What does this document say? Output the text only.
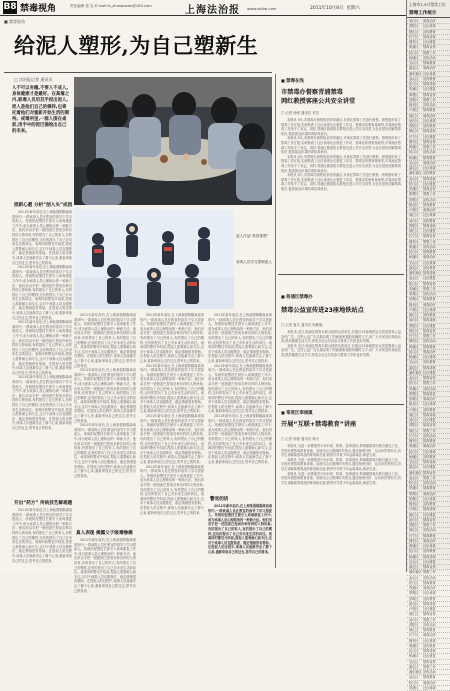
B8 禁毒视角	责任编辑 张 弘 E-mail:fz_zhanbaodu@163.com	上海法治报 www.shfzb.com	2011年10月8日 星期六
■ 禁毒视角
给泥人塑形,为自己塑新生
□ 法治报记者 通讯员
人不可以有瘾,不要人不成人,身体健康才是最好。在高墙之内,吸毒人员用双手捏出泥人,泥人是他们自己的模样,也寄托着他们对重新开始生活的期待。戒毒所里,一群人围在桌前,用手中的泥巴描绘出自己的未来。
捏新心愿 分析“剖人头”成因

2011年新年前后,在上海某强制隔离戒毒所内,一群戒毒人员在教官的指导下学习捏泥人。传统的泥塑技艺被引入戒毒康复工作中,成为戒毒人员心理矫治的一种新方法。他们用双手把一团团泥巴捏成各种各样的人物形象,有的捏出了自己的家人,有的捏出了自己的模样,还有的捏出了自己对未来生活的向往。戒毒所的警官介绍说,捏泥人需要耐心和专注,这对于戒毒人员克服焦虑、稳定情绪很有帮助。在捏泥人的过程中,戒毒人员逐渐学会了静下心来,重新审视自己的过去,思考自己的将来。

2011年新年前后,在上海某强制隔离戒毒所内,一群戒毒人员在教官的指导下学习捏泥人。传统的泥塑技艺被引入戒毒康复工作中,成为戒毒人员心理矫治的一种新方法。他们用双手把一团团泥巴捏成各种各样的人物形象,有的捏出了自己的家人,有的捏出了自己的模样,还有的捏出了自己对未来生活的向往。戒毒所的警官介绍说,捏泥人需要耐心和专注,这对于戒毒人员克服焦虑、稳定情绪很有帮助。在捏泥人的过程中,戒毒人员逐渐学会了静下心来,重新审视自己的过去,思考自己的将来。

2011年新年前后,在上海某强制隔离戒毒所内,一群戒毒人员在教官的指导下学习捏泥人。传统的泥塑技艺被引入戒毒康复工作中,成为戒毒人员心理矫治的一种新方法。他们用双手把一团团泥巴捏成各种各样的人物形象,有的捏出了自己的家人,有的捏出了自己的模样,还有的捏出了自己对未来生活的向往。戒毒所的警官介绍说,捏泥人需要耐心和专注,这对于戒毒人员克服焦虑、稳定情绪很有帮助。在捏泥人的过程中,戒毒人员逐渐学会了静下心来,重新审视自己的过去,思考自己的将来。

2011年新年前后,在上海某强制隔离戒毒所内,一群戒毒人员在教官的指导下学习捏泥人。传统的泥塑技艺被引入戒毒康复工作中,成为戒毒人员心理矫治的一种新方法。他们用双手把一团团泥巴捏成各种各样的人物形象,有的捏出了自己的家人,有的捏出了自己的模样,还有的捏出了自己对未来生活的向往。戒毒所的警官介绍说,捏泥人需要耐心和专注,这对于戒毒人员克服焦虑、稳定情绪很有帮助。在捏泥人的过程中,戒毒人员逐渐学会了静下心来,重新审视自己的过去,思考自己的将来。

开出“药方” 传统技艺解难题

2011年新年前后,在上海某强制隔离戒毒所内,一群戒毒人员在教官的指导下学习捏泥人。传统的泥塑技艺被引入戒毒康复工作中,成为戒毒人员心理矫治的一种新方法。他们用双手把一团团泥巴捏成各种各样的人物形象,有的捏出了自己的家人,有的捏出了自己的模样,还有的捏出了自己对未来生活的向往。戒毒所的警官介绍说,捏泥人需要耐心和专注,这对于戒毒人员克服焦虑、稳定情绪很有帮助。在捏泥人的过程中,戒毒人员逐渐学会了静下心来,重新审视自己的过去,思考自己的将来。

泥人作品“真我重塑”
戒毒人员学习捏制泥人

2011年新年前后,在上海某强制隔离戒毒所内,一群戒毒人员在教官的指导下学习捏泥人。传统的泥塑技艺被引入戒毒康复工作中,成为戒毒人员心理矫治的一种新方法。他们用双手把一团团泥巴捏成各种各样的人物形象,有的捏出了自己的家人,有的捏出了自己的模样,还有的捏出了自己对未来生活的向往。戒毒所的警官介绍说,捏泥人需要耐心和专注,这对于戒毒人员克服焦虑、稳定情绪很有帮助。在捏泥人的过程中,戒毒人员逐渐学会了静下心来,重新审视自己的过去,思考自己的将来。

2011年新年前后,在上海某强制隔离戒毒所内,一群戒毒人员在教官的指导下学习捏泥人。传统的泥塑技艺被引入戒毒康复工作中,成为戒毒人员心理矫治的一种新方法。他们用双手把一团团泥巴捏成各种各样的人物形象,有的捏出了自己的家人,有的捏出了自己的模样,还有的捏出了自己对未来生活的向往。戒毒所的警官介绍说,捏泥人需要耐心和专注,这对于戒毒人员克服焦虑、稳定情绪很有帮助。在捏泥人的过程中,戒毒人员逐渐学会了静下心来,重新审视自己的过去,思考自己的将来。

2011年新年前后,在上海某强制隔离戒毒所内,一群戒毒人员在教官的指导下学习捏泥人。传统的泥塑技艺被引入戒毒康复工作中,成为戒毒人员心理矫治的一种新方法。他们用双手把一团团泥巴捏成各种各样的人物形象,有的捏出了自己的家人,有的捏出了自己的模样,还有的捏出了自己对未来生活的向往。戒毒所的警官介绍说,捏泥人需要耐心和专注,这对于戒毒人员克服焦虑、稳定情绪很有帮助。在捏泥人的过程中,戒毒人员逐渐学会了静下心来,重新审视自己的过去,思考自己的将来。

真人表现 揭露父子吸毒惨痛

2011年新年前后,在上海某强制隔离戒毒所内,一群戒毒人员在教官的指导下学习捏泥人。传统的泥塑技艺被引入戒毒康复工作中,成为戒毒人员心理矫治的一种新方法。他们用双手把一团团泥巴捏成各种各样的人物形象,有的捏出了自己的家人,有的捏出了自己的模样,还有的捏出了自己对未来生活的向往。戒毒所的警官介绍说,捏泥人需要耐心和专注,这对于戒毒人员克服焦虑、稳定情绪很有帮助。在捏泥人的过程中,戒毒人员逐渐学会了静下心来,重新审视自己的过去,思考自己的将来。

2011年新年前后,在上海某强制隔离戒毒所内,一群戒毒人员在教官的指导下学习捏泥人。传统的泥塑技艺被引入戒毒康复工作中,成为戒毒人员心理矫治的一种新方法。他们用双手把一团团泥巴捏成各种各样的人物形象,有的捏出了自己的家人,有的捏出了自己的模样,还有的捏出了自己对未来生活的向往。戒毒所的警官介绍说,捏泥人需要耐心和专注,这对于戒毒人员克服焦虑、稳定情绪很有帮助。在捏泥人的过程中,戒毒人员逐渐学会了静下心来,重新审视自己的过去,思考自己的将来。

2011年新年前后,在上海某强制隔离戒毒所内,一群戒毒人员在教官的指导下学习捏泥人。传统的泥塑技艺被引入戒毒康复工作中,成为戒毒人员心理矫治的一种新方法。他们用双手把一团团泥巴捏成各种各样的人物形象,有的捏出了自己的家人,有的捏出了自己的模样,还有的捏出了自己对未来生活的向往。戒毒所的警官介绍说,捏泥人需要耐心和专注,这对于戒毒人员克服焦虑、稳定情绪很有帮助。在捏泥人的过程中,戒毒人员逐渐学会了静下心来,重新审视自己的过去,思考自己的将来。

2011年新年前后,在上海某强制隔离戒毒所内,一群戒毒人员在教官的指导下学习捏泥人。传统的泥塑技艺被引入戒毒康复工作中,成为戒毒人员心理矫治的一种新方法。他们用双手把一团团泥巴捏成各种各样的人物形象,有的捏出了自己的家人,有的捏出了自己的模样,还有的捏出了自己对未来生活的向往。戒毒所的警官介绍说,捏泥人需要耐心和专注,这对于戒毒人员克服焦虑、稳定情绪很有帮助。在捏泥人的过程中,戒毒人员逐渐学会了静下心来,重新审视自己的过去,思考自己的将来。

2011年新年前后,在上海某强制隔离戒毒所内,一群戒毒人员在教官的指导下学习捏泥人。传统的泥塑技艺被引入戒毒康复工作中,成为戒毒人员心理矫治的一种新方法。他们用双手把一团团泥巴捏成各种各样的人物形象,有的捏出了自己的家人,有的捏出了自己的模样,还有的捏出了自己对未来生活的向往。戒毒所的警官介绍说,捏泥人需要耐心和专注,这对于戒毒人员克服焦虑、稳定情绪很有帮助。在捏泥人的过程中,戒毒人员逐渐学会了静下心来,重新审视自己的过去,思考自己的将来。

2011年新年前后,在上海某强制隔离戒毒所内,一群戒毒人员在教官的指导下学习捏泥人。传统的泥塑技艺被引入戒毒康复工作中,成为戒毒人员心理矫治的一种新方法。他们用双手把一团团泥巴捏成各种各样的人物形象,有的捏出了自己的家人,有的捏出了自己的模样,还有的捏出了自己对未来生活的向往。戒毒所的警官介绍说,捏泥人需要耐心和专注,这对于戒毒人员克服焦虑、稳定情绪很有帮助。在捏泥人的过程中,戒毒人员逐渐学会了静下心来,重新审视自己的过去,思考自己的将来。

2011年新年前后,在上海某强制隔离戒毒所内,一群戒毒人员在教官的指导下学习捏泥人。传统的泥塑技艺被引入戒毒康复工作中,成为戒毒人员心理矫治的一种新方法。他们用双手把一团团泥巴捏成各种各样的人物形象,有的捏出了自己的家人,有的捏出了自己的模样,还有的捏出了自己对未来生活的向往。戒毒所的警官介绍说,捏泥人需要耐心和专注,这对于戒毒人员克服焦虑、稳定情绪很有帮助。在捏泥人的过程中,戒毒人员逐渐学会了静下心来,重新审视自己的过去,思考自己的将来。

2011年新年前后,在上海某强制隔离戒毒所内,一群戒毒人员在教官的指导下学习捏泥人。传统的泥塑技艺被引入戒毒康复工作中,成为戒毒人员心理矫治的一种新方法。他们用双手把一团团泥巴捏成各种各样的人物形象,有的捏出了自己的家人,有的捏出了自己的模样,还有的捏出了自己对未来生活的向往。戒毒所的警官介绍说,捏泥人需要耐心和专注,这对于戒毒人员克服焦虑、稳定情绪很有帮助。在捏泥人的过程中,戒毒人员逐渐学会了静下心来,重新审视自己的过去,思考自己的将来。

警官的话

2011年新年前后,在上海某强制隔离戒毒所内,一群戒毒人员在教官的指导下学习捏泥人。传统的泥塑技艺被引入戒毒康复工作中,成为戒毒人员心理矫治的一种新方法。他们用双手把一团团泥巴捏成各种各样的人物形象,有的捏出了自己的家人,有的捏出了自己的模样,还有的捏出了自己对未来生活的向往。戒毒所的警官介绍说,捏泥人需要耐心和专注,这对于戒毒人员克服焦虑、稳定情绪很有帮助。在捏泥人的过程中,戒毒人员逐渐学会了静下心来,重新审视自己的过去,思考自己的将来。

■ 禁毒在线
市禁毒办督察青浦禁毒
网红教授客座公共安全讲堂
□ 记者 徐强 通讯员 李芳

本报讯 9月,市禁毒办督察组来到青浦区,对该区禁毒工作进行督察。督察组听取了禁毒工作汇报,实地察看了社区戒毒社区康复工作站、禁毒宣传教育基地等,对青浦区禁毒工作给予了肯定。同时,青浦区邀请知名教授走进公共安全讲堂,为社区居民讲解禁毒知识,提高群众识毒防毒拒毒意识。

本报讯 9月,市禁毒办督察组来到青浦区,对该区禁毒工作进行督察。督察组听取了禁毒工作汇报,实地察看了社区戒毒社区康复工作站、禁毒宣传教育基地等,对青浦区禁毒工作给予了肯定。同时,青浦区邀请知名教授走进公共安全讲堂,为社区居民讲解禁毒知识,提高群众识毒防毒拒毒意识。

本报讯 9月,市禁毒办督察组来到青浦区,对该区禁毒工作进行督察。督察组听取了禁毒工作汇报,实地察看了社区戒毒社区康复工作站、禁毒宣传教育基地等,对青浦区禁毒工作给予了肯定。同时,青浦区邀请知名教授走进公共安全讲堂,为社区居民讲解禁毒知识,提高群众识毒防毒拒毒意识。

本报讯 9月,市禁毒办督察组来到青浦区,对该区禁毒工作进行督察。督察组听取了禁毒工作汇报,实地察看了社区戒毒社区康复工作站、禁毒宣传教育基地等,对青浦区禁毒工作给予了肯定。同时,青浦区邀请知名教授走进公共安全讲堂,为社区居民讲解禁毒知识,提高群众识毒防毒拒毒意识。

■ 杨浦区禁毒办
禁毒公益宣传进23座地铁站点
□ 记者 夏凡 通讯员 杨勤毅

本报讯 近日,杨浦区禁毒办联合地铁运营单位,在辖区23座地铁站点投放禁毒公益宣传广告。这些公益广告以简洁明了的画面和通俗易懂的文字,向广大市民宣传毒品危害,倡导健康生活方式,营造全社会共同参与禁毒工作的良好氛围。

本报讯 近日,杨浦区禁毒办联合地铁运营单位,在辖区23座地铁站点投放禁毒公益宣传广告。这些公益广告以简洁明了的画面和通俗易懂的文字,向广大市民宣传毒品危害,倡导健康生活方式,营造全社会共同参与禁毒工作的良好氛围。

■ 奉贤区奉城镇
开展“互联+禁毒教育”讲座
□ 记者 徐强 通讯员 林天

本报讯 为进一步增强青少年识毒、防毒、拒毒意识,奉城镇禁毒办联合镇社工站、学校开展禁毒教育讲座。讲座结合互联网时代特点,通过案例分析、互动问答等形式,向学生讲解新型毒品的种类和危害,教育引导青少年远离毒品,珍爱生命。

本报讯 为进一步增强青少年识毒、防毒、拒毒意识,奉城镇禁毒办联合镇社工站、学校开展禁毒教育讲座。讲座结合互联网时代特点,通过案例分析、互动问答等形式,向学生讲解新型毒品的种类和危害,教育引导青少年远离毒品,珍爱生命。

本报讯 为进一步增强青少年识毒、防毒、拒毒意识,奉城镇禁毒办联合镇社工站、学校开展禁毒教育讲座。讲座结合互联网时代特点,通过案例分析、互动问答等形式,向学生讲解新型毒品的种类和危害,教育引导青少年远离毒品,珍爱生命。

上海市1-9月禁毒工作
禁毒工作统计
闵行区 戒毒治疗
普陀区 社区戒毒
徐汇区 宣传教育
长宁区 禁毒讲座
静安区 社区康复
黄浦区 禁毒宣传
虹口区 帮教工作
杨浦区 宣传活动
宝山区 禁毒教育
嘉定区 戒毒治疗
浦东新区社区戒毒
金山区 宣传教育
松江区 禁毒讲座
青浦区 社区康复
奉贤区 禁毒宣传
崇明区 帮教工作
闸北区 宣传活动
卢湾区 禁毒教育
南汇区 戒毒治疗
闵行区 社区戒毒
普陀区 宣传教育
徐汇区 禁毒讲座
长宁区 社区康复
静安区 禁毒宣传
黄浦区 帮教工作
虹口区 宣传活动
杨浦区 禁毒教育
宝山区 戒毒治疗
嘉定区 社区戒毒
浦东新区宣传教育
金山区 禁毒讲座
松江区 社区康复
青浦区 禁毒宣传
奉贤区 帮教工作
崇明区 宣传活动
闸北区 禁毒教育
卢湾区 戒毒治疗
南汇区 社区戒毒
闵行区 宣传教育
普陀区 禁毒讲座
徐汇区 社区康复
长宁区 禁毒宣传
静安区 帮教工作
黄浦区 宣传活动
虹口区 禁毒教育
杨浦区 戒毒治疗
宝山区 社区戒毒
嘉定区 宣传教育
浦东新区禁毒讲座
金山区 社区康复
松江区 禁毒宣传
青浦区 帮教工作
奉贤区 宣传活动
崇明区 禁毒教育
闸北区 戒毒治疗
卢湾区 社区戒毒
南汇区 宣传教育
闵行区 禁毒讲座
普陀区 社区康复
徐汇区 禁毒宣传
长宁区 帮教工作
静安区 宣传活动
黄浦区 禁毒教育
虹口区 戒毒治疗
杨浦区 社区戒毒
宝山区 宣传教育
嘉定区 禁毒讲座
浦东新区社区康复
金山区 禁毒宣传
松江区 帮教工作
青浦区 宣传活动
奉贤区 禁毒教育
崇明区 戒毒治疗
闸北区 社区戒毒
卢湾区 宣传教育
南汇区 禁毒讲座
闵行区 社区康复
普陀区 禁毒宣传
徐汇区 帮教工作
长宁区 宣传活动
静安区 禁毒教育
黄浦区 戒毒治疗
虹口区 社区戒毒
杨浦区 宣传教育
宝山区 禁毒讲座
嘉定区 社区康复
浦东新区禁毒宣传
金山区 帮教工作
松江区 宣传活动
青浦区 禁毒教育
奉贤区 戒毒治疗
崇明区 社区戒毒
闸北区 宣传教育
卢湾区 禁毒讲座
南汇区 社区康复
闵行区 禁毒宣传
普陀区 帮教工作
徐汇区 宣传活动
长宁区 禁毒教育
静安区 戒毒治疗
黄浦区 社区戒毒
虹口区 宣传教育
杨浦区 禁毒讲座
宝山区 社区康复
嘉定区 禁毒宣传
浦东新区帮教工作
金山区 宣传活动
松江区 禁毒教育
青浦区 戒毒治疗
奉贤区 社区戒毒
崇明区 宣传教育
闸北区 禁毒讲座
卢湾区 社区康复
南汇区 禁毒宣传
闵行区 帮教工作
普陀区 宣传活动
徐汇区 禁毒教育
长宁区 戒毒治疗
静安区 社区戒毒
黄浦区 宣传教育
虹口区 禁毒讲座
杨浦区 社区康复
宝山区 禁毒宣传
嘉定区 帮教工作
浦东新区宣传活动
金山区 禁毒教育
松江区 戒毒治疗
青浦区 社区戒毒
